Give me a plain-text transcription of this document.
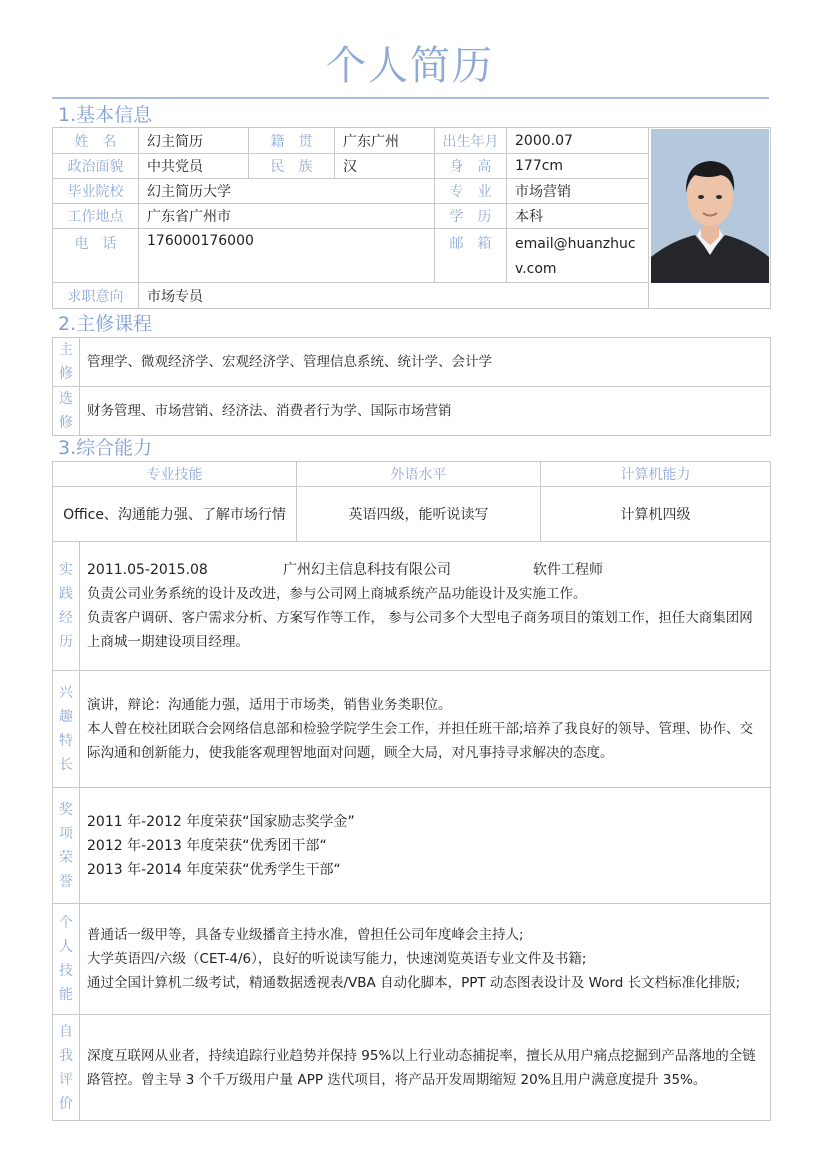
个人简历
1.基本信息
姓　名	幻主简历	籍　贯	广东广州	出生年月	2000.07	

政治面貌	中共党员	民　族	汉	身　高	177cm	
毕业院校	幻主简历大学			专　业	市场营销	
工作地点	广东省广州市			学　历	本科	
电　话	176000176000			邮　箱	email@huanzhucv.com	
求职意向	市场专员					
2.主修课程
主
修	管理学、微观经济学、宏观经济学、管理信息系统、统计学、会计学

选
修	财务管理、市场营销、经济法、消费者行为学、国际市场营销
3.综合能力
专业技能	外语水平	计算机能力
Office、沟通能力强、了解市场行情	英语四级，能听说读写	计算机四级
实
践
经
历	2011.05-2015.08 广州幻主信息科技有限公司 软件工程师
负责公司业务系统的设计及改进，参与公司网上商城系统产品功能设计及实施工作。
负责客户调研、客户需求分析、方案写作等工作， 参与公司多个大型电子商务项目的策划工作，担任大商集团网上商城一期建设项目经理。

兴
趣
特
长	演讲，辩论：沟通能力强，适用于市场类，销售业务类职位。
本人曾在校社团联合会网络信息部和检验学院学生会工作，并担任班干部;培养了我良好的领导、管理、协作、交际沟通和创新能力，使我能客观理智地面对问题，顾全大局，对凡事持寻求解决的态度。

奖
项
荣
誉	2011 年-2012 年度荣获“国家励志奖学金”
2012 年-2013 年度荣获“优秀团干部“
2013 年-2014 年度荣获“优秀学生干部“

个
人
技
能	普通话一级甲等，具备专业级播音主持水准，曾担任公司年度峰会主持人;
大学英语四/六级（CET-4/6），良好的听说读写能力，快速浏览英语专业文件及书籍;
通过全国计算机二级考试，精通数据透视表/VBA 自动化脚本，PPT 动态图表设计及 Word 长文档标准化排版;

自
我
评
价	深度互联网从业者，持续追踪行业趋势并保持 95%以上行业动态捕捉率，擅长从用户痛点挖掘到产品落地的全链路管控。曾主导 3 个千万级用户量 APP 迭代项目，将产品开发周期缩短 20%且用户满意度提升 35%。
